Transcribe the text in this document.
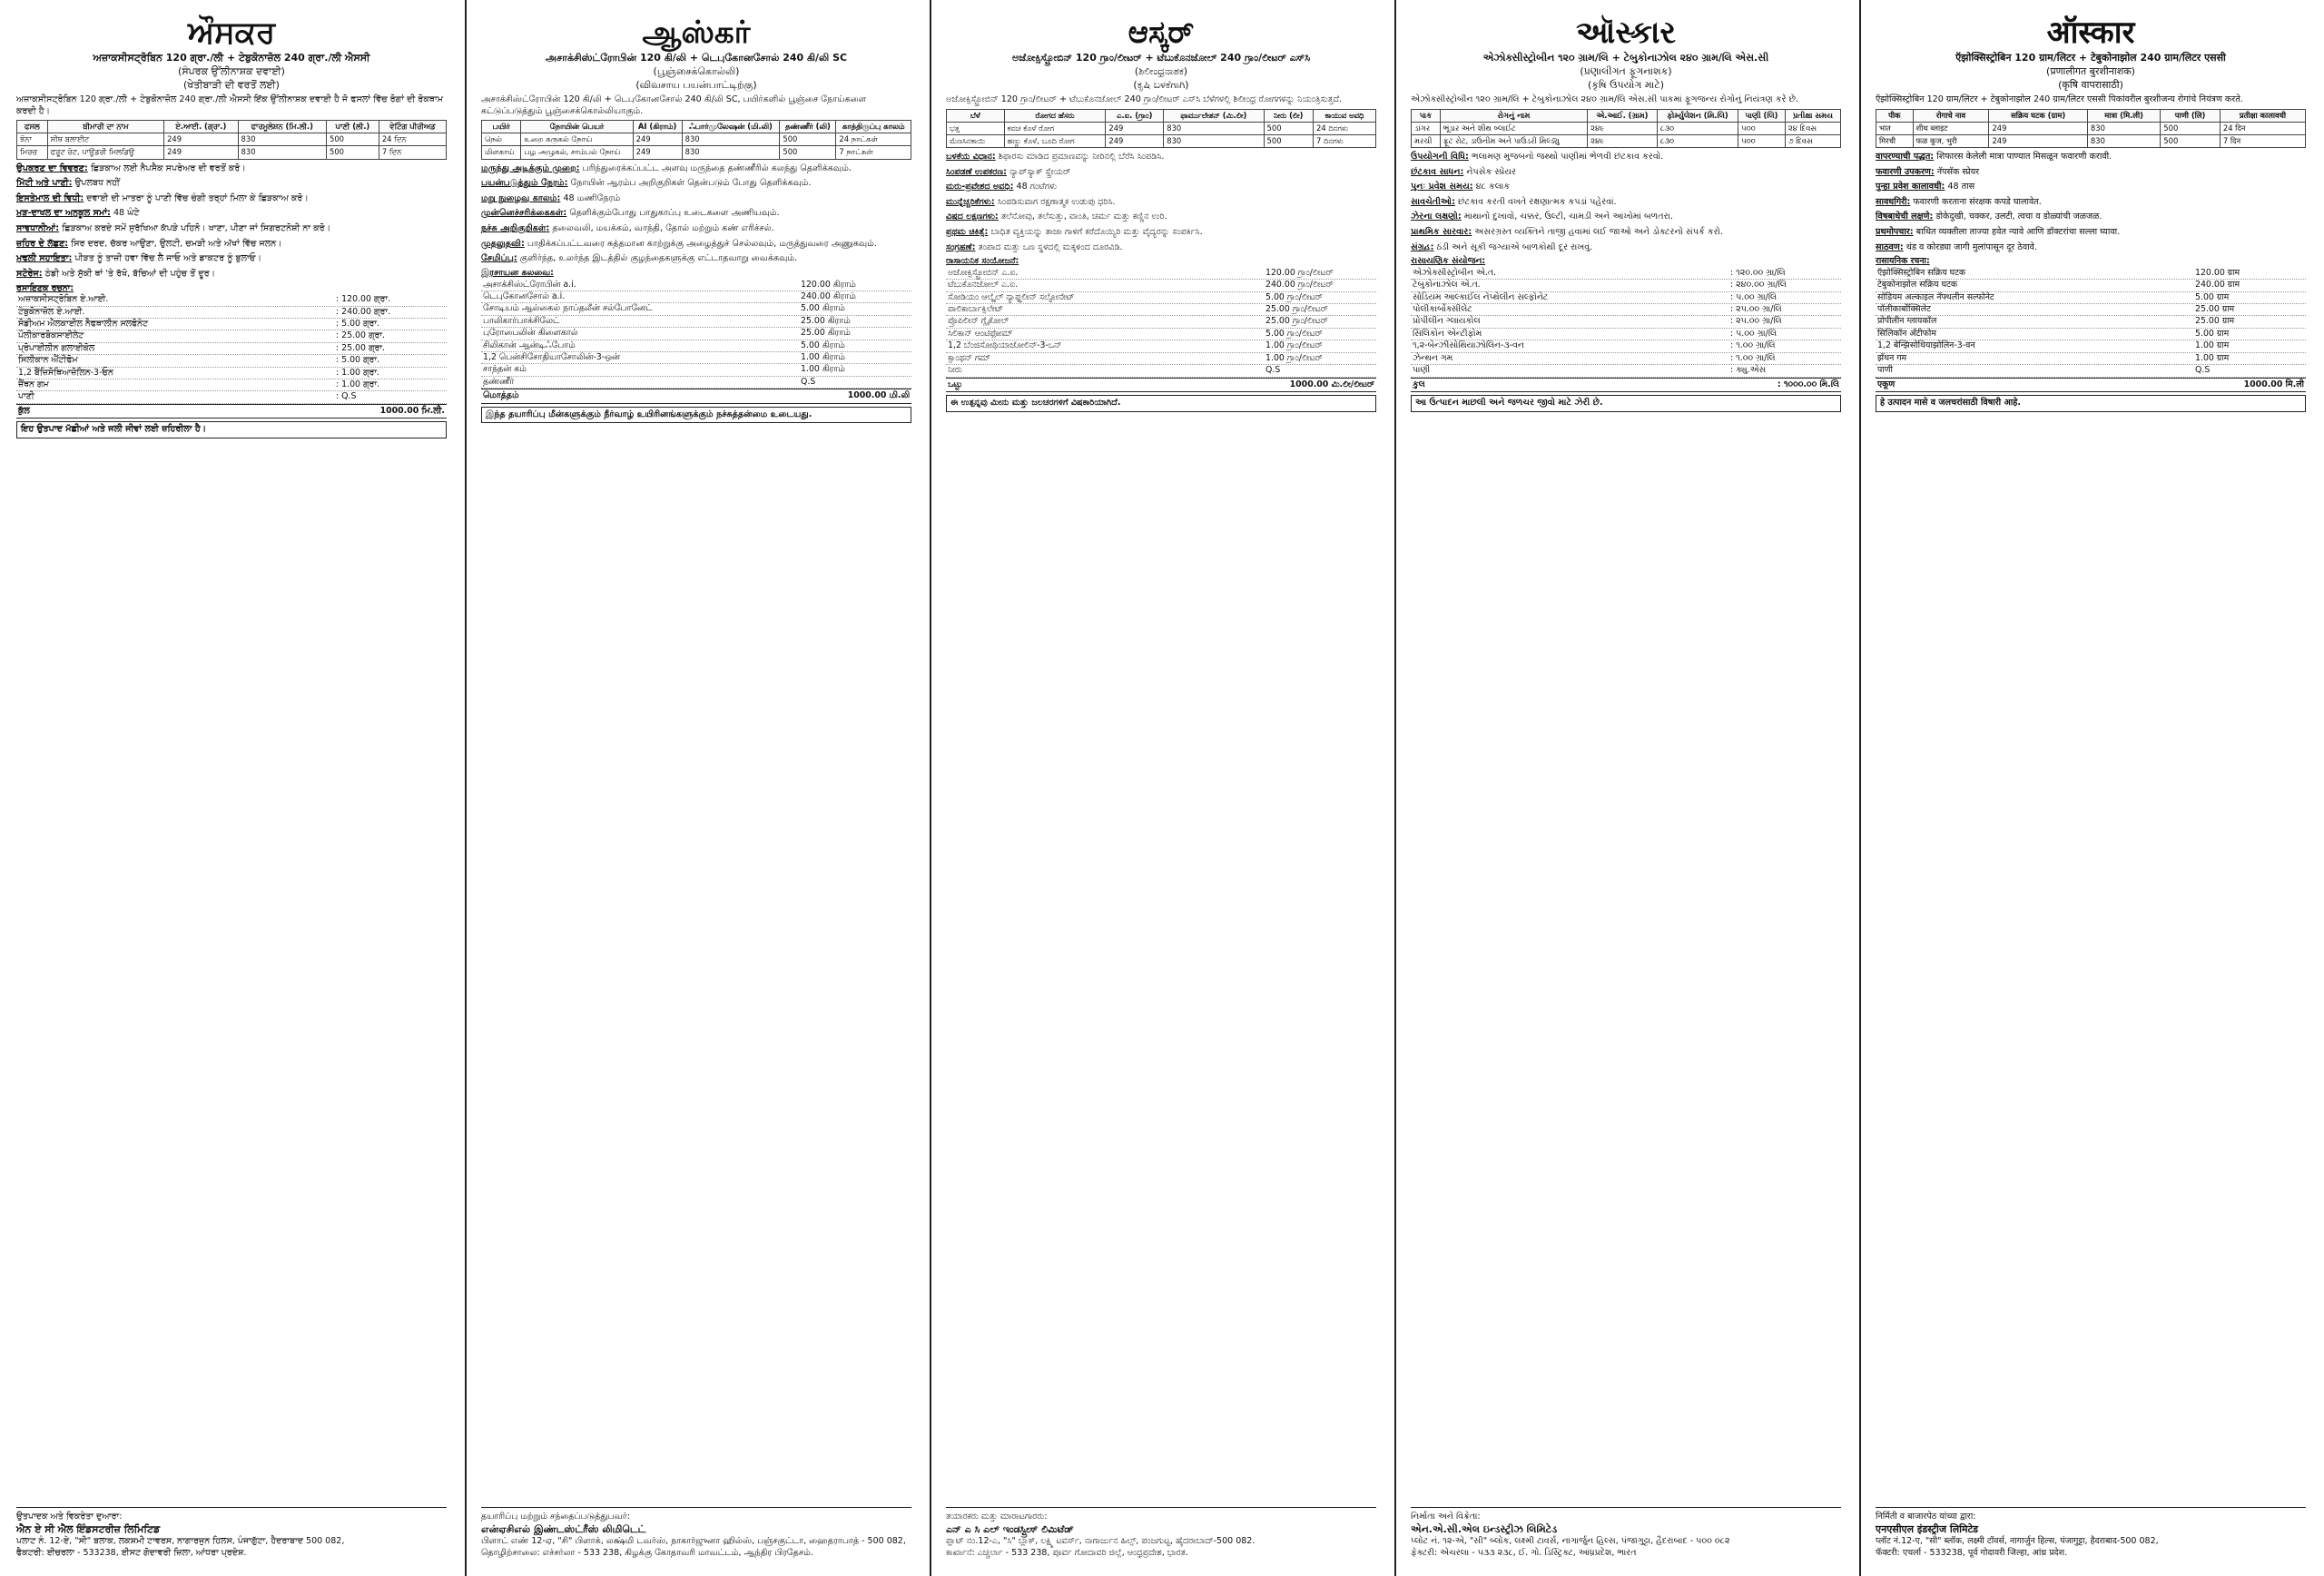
ਔਸਕਰ
ਅਜ਼ਾਕਸੀਸਟ੍ਰੋਬਿਨ 120 ਗ੍ਰਾ./ਲੀ + ਟੇਬੁਕੋਨਾਜ਼ੋਲ 240 ਗ੍ਰਾ./ਲੀ ਐਸਸੀ
(ਸੰਪਰਕ ਉੱਲੀਨਾਸ਼ਕ ਦਵਾਈ)
(ਖੇਤੀਬਾੜੀ ਦੀ ਵਰਤੋਂ ਲਈ)
ਅਜ਼ਾਕਸੀਸਟ੍ਰੋਬਿਨ 120 ਗ੍ਰਾ./ਲੀ + ਟੇਬੁਕੋਨਾਜ਼ੋਲ 240 ਗ੍ਰਾ./ਲੀ ਐਸਸੀ ਇੱਕ ਉੱਲੀਨਾਸ਼ਕ ਦਵਾਈ ਹੈ ਜੋ ਫਸਲਾਂ ਵਿੱਚ ਰੋਗਾਂ ਦੀ ਰੋਕਥਾਮ ਕਰਦੀ ਹੈ।
ਫਸਲ	ਬੀਮਾਰੀ ਦਾ ਨਾਮ	ਏ.ਆਈ. (ਗ੍ਰਾ.)	ਫਾਰਮੂਲੇਸ਼ਨ (ਮਿ.ਲੀ.)	ਪਾਣੀ (ਲੀ.)	ਵੇਟਿੰਗ ਪੀਰੀਅਡ
ਝੋਨਾ	ਸ਼ੀਥ ਬਲਾਈਟ	249	830	500	24 ਦਿਨ
ਮਿਰਚ	ਫਰੂਟ ਰੋਟ, ਪਾਊਡਰੀ ਮਿਲਡਿਊ	249	830	500	7 ਦਿਨ
ਉਪਕਰਣ ਦਾ ਵਿਵਰਣ: ਛਿੜਕਾਅ ਲਈ ਨੈਪਸੈਕ ਸਪਰੇਅਰ ਦੀ ਵਰਤੋਂ ਕਰੋ।
ਮਿੱਟੀ ਅਤੇ ਪਾਣੀ: ਉਪਲਬਧ ਨਹੀਂ
ਇਸਤੇਮਾਲ ਦੀ ਵਿਧੀ: ਦਵਾਈ ਦੀ ਮਾਤਰਾ ਨੂੰ ਪਾਣੀ ਵਿੱਚ ਚੰਗੀ ਤਰ੍ਹਾਂ ਮਿਲਾ ਕੇ ਛਿੜਕਾਅ ਕਰੋ।
ਮੁੜ-ਦਾਖਲ ਦਾ ਅਨੁਕੂਲ ਸਮਾਂ: 48 ਘੰਟੇ
ਸਾਵਧਾਨੀਆਂ: ਛਿੜਕਾਅ ਕਰਦੇ ਸਮੇਂ ਸੁਰੱਖਿਆ ਕੱਪੜੇ ਪਹਿਨੋ। ਖਾਣਾ, ਪੀਣਾ ਜਾਂ ਸਿਗਰਟਨੋਸ਼ੀ ਨਾ ਕਰੋ।
ਜ਼ਹਿਰ ਦੇ ਲੱਛਣ: ਸਿਰ ਦਰਦ, ਚੱਕਰ ਆਉਣਾ, ਉਲਟੀ, ਚਮੜੀ ਅਤੇ ਅੱਖਾਂ ਵਿੱਚ ਜਲਨ।
ਮੁਢਲੀ ਸਹਾਇਤਾ: ਪੀੜਤ ਨੂੰ ਤਾਜ਼ੀ ਹਵਾ ਵਿੱਚ ਲੈ ਜਾਓ ਅਤੇ ਡਾਕਟਰ ਨੂੰ ਬੁਲਾਓ।
ਸਟੋਰੇਜ: ਠੰਡੀ ਅਤੇ ਸੁੱਕੀ ਥਾਂ 'ਤੇ ਰੱਖੋ, ਬੱਚਿਆਂ ਦੀ ਪਹੁੰਚ ਤੋਂ ਦੂਰ।
ਰਸਾਇਣਕ ਰਚਨਾ:
ਅਜ਼ਾਕਸੀਸਟ੍ਰੋਬਿਨ ਏ.ਆਈ.	: 120.00 ਗ੍ਰਾ.
ਟੇਬੁਕੋਨਾਜ਼ੋਲ ਏ.ਆਈ.	: 240.00 ਗ੍ਰਾ.
ਸੋਡੀਅਮ ਐਲਕਾਈਲ ਨੈਫਥਾਲੀਨ ਸਲਫੋਨੇਟ	: 5.00 ਗ੍ਰਾ.
ਪੌਲੀਕਾਰਬੋਕਸਾਈਲੇਟ	: 25.00 ਗ੍ਰਾ.
ਪ੍ਰੋਪਾਈਲੀਨ ਗਲਾਈਕੋਲ	: 25.00 ਗ੍ਰਾ.
ਸਿਲੀਕਾਨ ਐਂਟੀਫੋਮ	: 5.00 ਗ੍ਰਾ.
1,2 ਬੈਂਜ਼ਿਸੋਥਿਆਜ਼ੋਲਿਨ-3-ਓਨ	: 1.00 ਗ੍ਰਾ.
ਜ਼ੈਂਥਨ ਗਮ	: 1.00 ਗ੍ਰਾ.
ਪਾਣੀ	: Q.S
ਕੁੱਲ	1000.00 ਮਿ.ਲੀ.
ਇਹ ਉਤਪਾਦ ਮੱਛੀਆਂ ਅਤੇ ਜਲੀ ਜੀਵਾਂ ਲਈ ਜ਼ਹਿਰੀਲਾ ਹੈ।
ਉਤਪਾਦਕ ਅਤੇ ਵਿਕਰੇਤਾ ਦੁਆਰਾ:
ਐਨ ਏ ਸੀ ਐਲ ਇੰਡਸਟਰੀਜ਼ ਲਿਮਿਟਿਡ
ਪਲਾਟ ਨੰ. 12-ਏ, "ਸੀ" ਬਲਾਕ, ਲਕਸ਼ਮੀ ਟਾਵਰਸ, ਨਾਗਾਰਜੁਨ ਹਿਲਸ, ਪੰਜਾਗੁੱਟਾ, ਹੈਦਰਾਬਾਦ 500 082,
ਫੈਕਟਰੀ: ਈਚਰਲਾ - 533238, ਈਸਟ ਗੋਦਾਵਰੀ ਜ਼ਿਲਾ, ਆਂਧਰਾ ਪ੍ਰਦੇਸ਼.
ஆஸ்கர்
அசாக்சிஸ்ட்ரோபின் 120 கி/லி + டெபுகோனசோல் 240 கி/லி SC
(பூஞ்சைக்கொல்லி)
(விவசாய பயன்பாட்டிற்கு)
அசாக்சிஸ்ட்ரோபின் 120 கி/லி + டெபுகோனசோல் 240 கி/லி SC, பயிர்களில் பூஞ்சை நோய்களை கட்டுப்படுத்தும் பூஞ்சைக்கொல்லியாகும்.
பயிர்	நோயின் பெயர்	AI (கிராம்)	ஃபார்முலேஷன் (மி.லி)	தண்ணீர் (லி)	காத்திருப்பு காலம்
நெல்	உறை கருகல் நோய்	249	830	500	24 நாட்கள்
மிளகாய்	பழ அழுகல், சாம்பல் நோய்	249	830	500	7 நாட்கள்
மருந்து அடிக்கும் முறை: பரிந்துரைக்கப்பட்ட அளவு மருந்தை தண்ணீரில் கலந்து தெளிக்கவும்.
பயன்படுத்தும் நேரம்: நோயின் ஆரம்ப அறிகுறிகள் தென்படும் போது தெளிக்கவும்.
மறு நுழைவு காலம்: 48 மணிநேரம்
முன்னெச்சரிக்கைகள்: தெளிக்கும்போது பாதுகாப்பு உடைகளை அணியவும்.
நச்சு அறிகுறிகள்: தலைவலி, மயக்கம், வாந்தி, தோல் மற்றும் கண் எரிச்சல்.
முதலுதவி: பாதிக்கப்பட்டவரை சுத்தமான காற்றுக்கு அழைத்துச் செல்லவும், மருத்துவரை அணுகவும்.
சேமிப்பு: குளிர்ந்த, உலர்ந்த இடத்தில் குழந்தைகளுக்கு எட்டாதவாறு வைக்கவும்.
இரசாயன கலவை:
அசாக்சிஸ்ட்ரோபின் a.i.	120.00 கிராம்
டெபுகோனசோல் a.i.	240.00 கிராம்
சோடியம் ஆல்கைல் நாப்தலீன் சல்போனேட்	5.00 கிராம்
பாலிகார்பாக்சிலேட்	25.00 கிராம்
புரோபைலின் கிளைகால்	25.00 கிராம்
சிலிகான் ஆன்டிஃபோம்	5.00 கிராம்
1,2 பென்சிசோதியாசோலின்-3-ஒன்	1.00 கிராம்
சாந்தன் கம்	1.00 கிராம்
தண்ணீர்	Q.S
மொத்தம்	1000.00 மி.லி
இந்த தயாரிப்பு மீன்களுக்கும் நீர்வாழ் உயிரினங்களுக்கும் நச்சுத்தன்மை உடையது.
தயாரிப்பு மற்றும் சந்தைப்படுத்துபவர்:
என்ஏசிஎல் இண்டஸ்ட்ரீஸ் லிமிடெட்
பிளாட் எண் 12-ஏ, "சி" பிளாக், லக்ஷ்மி டவர்ஸ், நாகார்ஜுனா ஹில்ஸ், பஞ்சகுட்டா, ஹைதராபாத் - 500 082,
தொழிற்சாலை: எச்சர்லா - 533 238, கிழக்கு கோதாவரி மாவட்டம், ஆந்திர பிரதேசம்.
ಆಸ್ಕರ್
ಅಜೋಕ್ಸಿಸ್ಟ್ರೋಬಿನ್ 120 ಗ್ರಾಂ/ಲೀಟರ್ + ಟೆಬುಕೊನಜೋಲ್ 240 ಗ್ರಾಂ/ಲೀಟರ್ ಎಸ್‌ಸಿ
(ಶಿಲೀಂಧ್ರನಾಶಕ)
(ಕೃಷಿ ಬಳಕೆಗಾಗಿ)
ಅಜೋಕ್ಸಿಸ್ಟ್ರೋಬಿನ್ 120 ಗ್ರಾಂ/ಲೀಟರ್ + ಟೆಬುಕೊನಜೋಲ್ 240 ಗ್ರಾಂ/ಲೀಟರ್ ಎಸ್‌ಸಿ ಬೆಳೆಗಳಲ್ಲಿ ಶಿಲೀಂಧ್ರ ರೋಗಗಳನ್ನು ನಿಯಂತ್ರಿಸುತ್ತದೆ.
ಬೆಳೆ	ರೋಗದ ಹೆಸರು	ಎ.ಐ. (ಗ್ರಾಂ)	ಫಾರ್ಮುಲೇಶನ್ (ಮಿ.ಲೀ)	ನೀರು (ಲೀ)	ಕಾಯುವ ಅವಧಿ
ಭತ್ತ	ಕವಚ ಕೊಳೆ ರೋಗ	249	830	500	24 ದಿನಗಳು
ಮೆಣಸಿನಕಾಯಿ	ಹಣ್ಣು ಕೊಳೆ, ಬೂದಿ ರೋಗ	249	830	500	7 ದಿನಗಳು
ಬಳಕೆಯ ವಿಧಾನ: ಶಿಫಾರಸು ಮಾಡಿದ ಪ್ರಮಾಣವನ್ನು ನೀರಿನಲ್ಲಿ ಬೆರೆಸಿ ಸಿಂಪಡಿಸಿ.
ಸಿಂಪಡಣೆ ಉಪಕರಣ: ನ್ಯಾಪ್‌ಸ್ಯಾಕ್ ಸ್ಪ್ರೇಯರ್
ಮರು-ಪ್ರವೇಶದ ಅವಧಿ: 48 ಗಂಟೆಗಳು
ಮುನ್ನೆಚ್ಚರಿಕೆಗಳು: ಸಿಂಪಡಿಸುವಾಗ ರಕ್ಷಣಾತ್ಮಕ ಉಡುಪು ಧರಿಸಿ.
ವಿಷದ ಲಕ್ಷಣಗಳು: ತಲೆನೋವು, ತಲೆಸುತ್ತು, ವಾಂತಿ, ಚರ್ಮ ಮತ್ತು ಕಣ್ಣಿನ ಉರಿ.
ಪ್ರಥಮ ಚಿಕಿತ್ಸೆ: ಬಾಧಿತ ವ್ಯಕ್ತಿಯನ್ನು ತಾಜಾ ಗಾಳಿಗೆ ಕರೆದೊಯ್ಯಿರಿ ಮತ್ತು ವೈದ್ಯರನ್ನು ಸಂಪರ್ಕಿಸಿ.
ಸಂಗ್ರಹಣೆ: ತಂಪಾದ ಮತ್ತು ಒಣ ಸ್ಥಳದಲ್ಲಿ ಮಕ್ಕಳಿಂದ ದೂರವಿಡಿ.
ರಾಸಾಯನಿಕ ಸಂಯೋಜನೆ:
ಅಜೋಕ್ಸಿಸ್ಟ್ರೋಬಿನ್ ಎ.ಐ.	120.00 ಗ್ರಾಂ/ಲೀಟರ್
ಟೆಬುಕೊನಜೋಲ್ ಎ.ಐ.	240.00 ಗ್ರಾಂ/ಲೀಟರ್
ಸೋಡಿಯಂ ಆಲ್ಕೈಲ್ ನ್ಯಾಫ್ಥಲೀನ್ ಸಲ್ಫೋನೇಟ್	5.00 ಗ್ರಾಂ/ಲೀಟರ್
ಪಾಲಿಕಾರ್ಬಾಕ್ಸಿಲೇಟ್	25.00 ಗ್ರಾಂ/ಲೀಟರ್
ಪ್ರೊಪಿಲೀನ್ ಗ್ಲೈಕೋಲ್	25.00 ಗ್ರಾಂ/ಲೀಟರ್
ಸಿಲಿಕಾನ್ ಆಂಟಿಫೋಮ್	5.00 ಗ್ರಾಂ/ಲೀಟರ್
1,2 ಬೆಂಜಿಸೋಥಿಯಾಜೋಲಿನ್-3-ಒನ್	1.00 ಗ್ರಾಂ/ಲೀಟರ್
ಕ್ಸಾಂಥನ್ ಗಮ್	1.00 ಗ್ರಾಂ/ಲೀಟರ್
ನೀರು	Q.S
ಒಟ್ಟು	1000.00 ಮಿ.ಲೀ/ಲೀಟರ್
ಈ ಉತ್ಪನ್ನವು ಮೀನು ಮತ್ತು ಜಲಚರಗಳಿಗೆ ವಿಷಕಾರಿಯಾಗಿದೆ.
ತಯಾರಕರು ಮತ್ತು ಮಾರಾಟಗಾರರು:
ಎನ್ ಎ ಸಿ ಎಲ್ ಇಂಡಸ್ಟ್ರೀಸ್ ಲಿಮಿಟೆಡ್
ಪ್ಲಾಟ್ ನಂ.12-ಎ, "ಸಿ" ಬ್ಲಾಕ್, ಲಕ್ಷ್ಮಿ ಟವರ್ಸ್, ನಾಗಾರ್ಜುನ ಹಿಲ್ಸ್, ಪಂಜಗುಟ್ಟ, ಹೈದರಾಬಾದ್-500 082.
ಕಾರ್ಖಾನೆ: ಎಚ್ಚರ್ಲಾ - 533 238, ಪೂರ್ವ ಗೋದಾವರಿ ಜಿಲ್ಲೆ, ಆಂಧ್ರಪ್ರದೇಶ, ಭಾರತ.
ઑસ્કાર
એઝોક્સીસ્ટ્રોબીન ૧૨૦ ગ્રામ/લિ + ટેબુકોનાઝોલ ૨૪૦ ગ્રામ/લિ એસ.સી
(પ્રણાલીગત ફૂગનાશક)
(કૃષિ ઉપયોગ માટે)
એઝોક્સીસ્ટ્રોબીન ૧૨૦ ગ્રામ/લિ + ટેબુકોનાઝોલ ૨૪૦ ગ્રામ/લિ એસ.સી પાકમાં ફૂગજન્ય રોગોનું નિયંત્રણ કરે છે.
પાક	રોગનું નામ	એ.આઈ. (ગ્રામ)	ફોર્મ્યુલેશન (મિ.લિ)	પાણી (લિ)	પ્રતીક્ષા સમય
ડાંગર	ભૂંડાર અને શીથ બ્લાઈટ	૨૪૯	૮૩૦	૫૦૦	૨૪ દિવસ
મરચી	ફ્રૂટ રોટ, ડાઉનીમ અને પાઉડરી મિલ્ડ્યુ	૨૪૯	૮૩૦	૫૦૦	૭ દિવસ
ઉપયોગની વિધિ: ભલામણ મુજબનો જથ્થો પાણીમાં ભેળવી છંટકાવ કરવો.
છંટકાવ સાધન: નેપસેક સ્પ્રેયર
પુનઃ પ્રવેશ સમય: ૪૮ કલાક
સાવચેતીઓ: છંટકાવ કરતી વખતે રક્ષણાત્મક કપડાં પહેરવાં.
ઝેરના લક્ષણો: માથાનો દુખાવો, ચક્કર, ઉલ્ટી, ચામડી અને આંખોમાં બળતરા.
પ્રાથમિક સારવાર: અસરગ્રસ્ત વ્યક્તિને તાજી હવામાં લઈ જાઓ અને ડોક્ટરનો સંપર્ક કરો.
સંગ્રહ: ઠંડી અને સૂકી જગ્યાએ બાળકોથી દૂર રાખવું.
રાસાયણિક સંયોજન:
એઝોક્સીસ્ટ્રોબીન એ.ત.	: ૧૨૦.૦૦ ગ્રા/લિ
ટેબુકોનાઝોલ એ.ત.	: ૨૪૦.૦૦ ગ્રા/લિ
સોડિયમ આલ્કાઈલ નેપ્થેલીન સલ્ફોનેટ	: ૫.૦૦ ગ્રા/લિ
પોલીકાર્બોક્સીલેટ	: ૨૫.૦૦ ગ્રા/લિ
પ્રોપીલીન ગ્લાયકોલ	: ૨૫.૦૦ ગ્રા/લિ
સિલિકોન એન્ટીફોમ	: ૫.૦૦ ગ્રા/લિ
૧,૨-બેન્ઝીસોથિયાઝોલિન-૩-વન	: ૧.૦૦ ગ્રા/લિ
ઝેન્થન ગમ	: ૧.૦૦ ગ્રા/લિ
પાણી	: ક્યુ.એસ
કુલ	: ૧૦૦૦.૦૦ મિ.લિ
આ ઉત્પાદન માછલી અને જળચર જીવો માટે ઝેરી છે.
નિર્માતા અને વિક્રેતા:
એન.એ.સી.એલ ઇન્ડસ્ટ્રીઝ લિમિટેડ
પ્લોટ નં. ૧૨-એ, "સી" બ્લોક, લક્ષ્મી ટાવર્સ, નાગાર્જુન હિલ્સ, પંજાગુટ્ટા, હૈદરાબાદ - ૫૦૦ ૦૮૨
ફેક્ટરી: એચરલા - ૫૩૩ ૨૩૮, ઈ. ગો. ડિસ્ટ્રિક્ટ, આંધ્રપ્રદેશ, ભારત
ऑस्कार
ऍझोक्सिस्ट्रोबिन 120 ग्राम/लिटर + टेबुकोनाझोल 240 ग्राम/लिटर एससी
(प्रणालीगत बुरशीनाशक)
(कृषि वापरासाठी)
ऍझोक्सिस्ट्रोबिन 120 ग्राम/लिटर + टेबुकोनाझोल 240 ग्राम/लिटर एससी पिकांवरील बुरशीजन्य रोगांचे नियंत्रण करते.
पीक	रोगाचे नाव	सक्रिय घटक (ग्राम)	मात्रा (मि.ली)	पाणी (लि)	प्रतीक्षा कालावधी
भात	शीथ ब्लाइट	249	830	500	24 दिन
मिरची	फळ कूज, भुरी	249	830	500	7 दिन
वापरण्याची पद्धत: शिफारस केलेली मात्रा पाण्यात मिसळून फवारणी करावी.
फवारणी उपकरण: नॅपसॅक स्प्रेयर
पुन्हा प्रवेश कालावधी: 48 तास
सावधगिरी: फवारणी करताना संरक्षक कपडे घालावेत.
विषबाधेची लक्षणे: डोकेदुखी, चक्कर, उलटी, त्वचा व डोळ्यांची जळजळ.
प्रथमोपचार: बाधित व्यक्तीला ताज्या हवेत न्यावे आणि डॉक्टरांचा सल्ला घ्यावा.
साठवण: थंड व कोरड्या जागी मुलांपासून दूर ठेवावे.
रासायनिक रचना:
ऍझोक्सिस्ट्रोबिन सक्रिय घटक	120.00 ग्राम
टेबुकोनाझोल सक्रिय घटक	240.00 ग्राम
सोडियम अल्काइल नॅफ्थलीन सल्फोनेट	5.00 ग्राम
पॉलीकार्बोक्सिलेट	25.00 ग्राम
प्रोपीलीन ग्लायकॉल	25.00 ग्राम
सिलिकॉन अँटीफोम	5.00 ग्राम
1,2 बेन्झिसोथियाझोलिन-3-वन	1.00 ग्राम
झँथन गम	1.00 ग्राम
पाणी	Q.S
एकूण	1000.00 मि.ली
हे उत्पादन मासे व जलचरांसाठी विषारी आहे.
निर्मिती व बाजारपेठ यांच्या द्वारा:
एनएसीएल इंडस्ट्रीज लिमिटेड
प्लॉट नं.12-ए, "सी" ब्लॉक, लक्ष्मी टॉवर्स, नागार्जुन हिल्स, पंजागुट्टा, हैदराबाद-500 082,
फॅक्टरी: एचर्ला - 533238, पूर्व गोदावरी जिल्हा, आंध्र प्रदेश.
